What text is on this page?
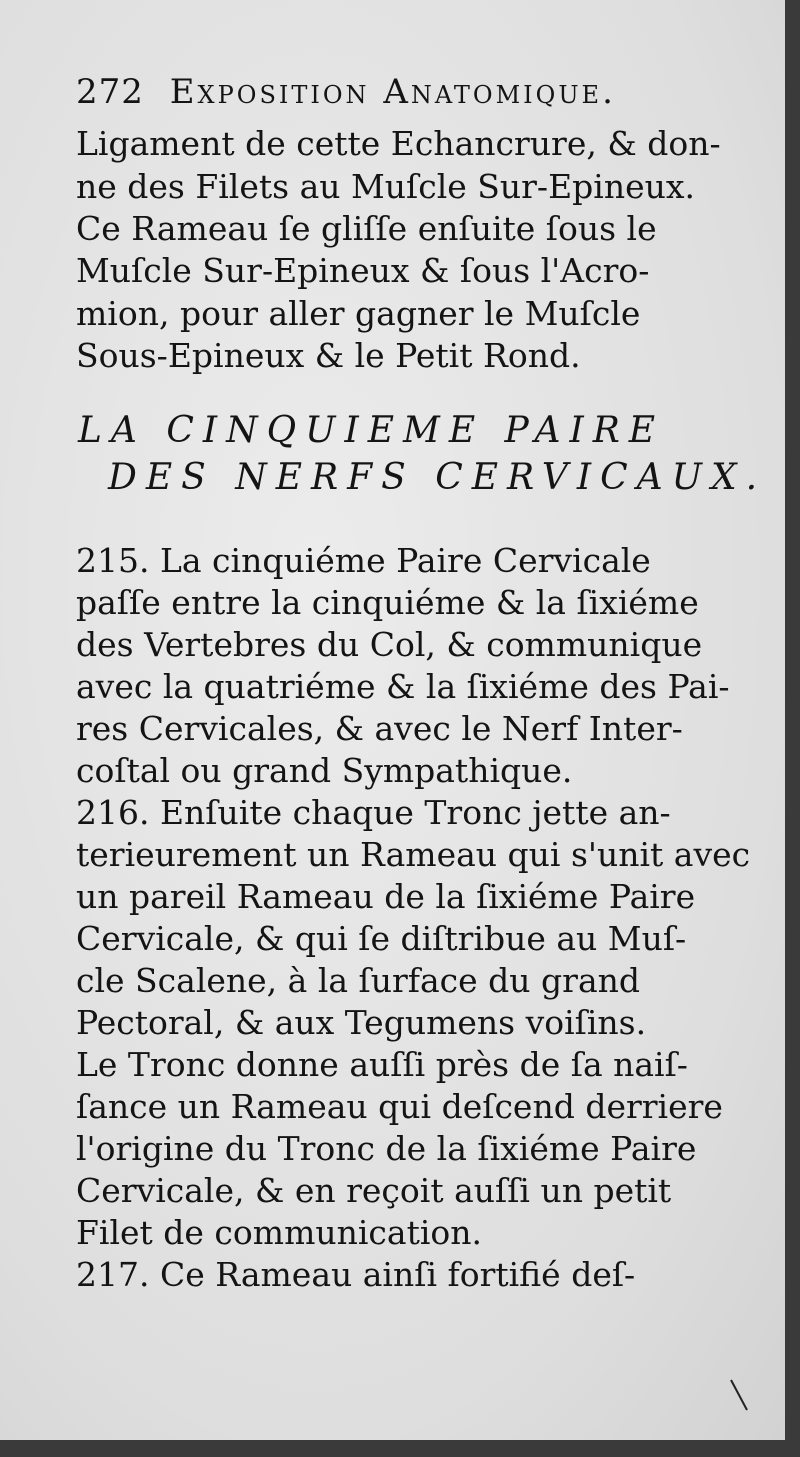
272 Exposition Anatomique.
Ligament de cette Echancrure, & don-
ne des Filets au Muſcle Sur-Epineux.
Ce Rameau ſe gliſſe enſuite ſous le
Muſcle Sur-Epineux & ſous l'Acro-
mion, pour aller gagner le Muſcle
Sous-Epineux & le Petit Rond.
LA CINQUIEME PAIRE
DES NERFS CERVICAUX.
215. La cinquiéme Paire Cervicale
paſſe entre la cinquiéme & la ſixiéme
des Vertebres du Col, & communique
avec la quatriéme & la ſixiéme des Pai-
res Cervicales, & avec le Nerf Inter-
coſtal ou grand Sympathique.
216. Enſuite chaque Tronc jette an-
terieurement un Rameau qui s'unit avec
un pareil Rameau de la ſixiéme Paire
Cervicale, & qui ſe diſtribue au Muſ-
cle Scalene, à la ſurface du grand
Pectoral, & aux Tegumens voiſins.
Le Tronc donne auſſi près de ſa naiſ-
ſance un Rameau qui deſcend derriere
l'origine du Tronc de la ſixiéme Paire
Cervicale, & en reçoit auſſi un petit
Filet de communication.
217. Ce Rameau ainſi fortifié deſ-
